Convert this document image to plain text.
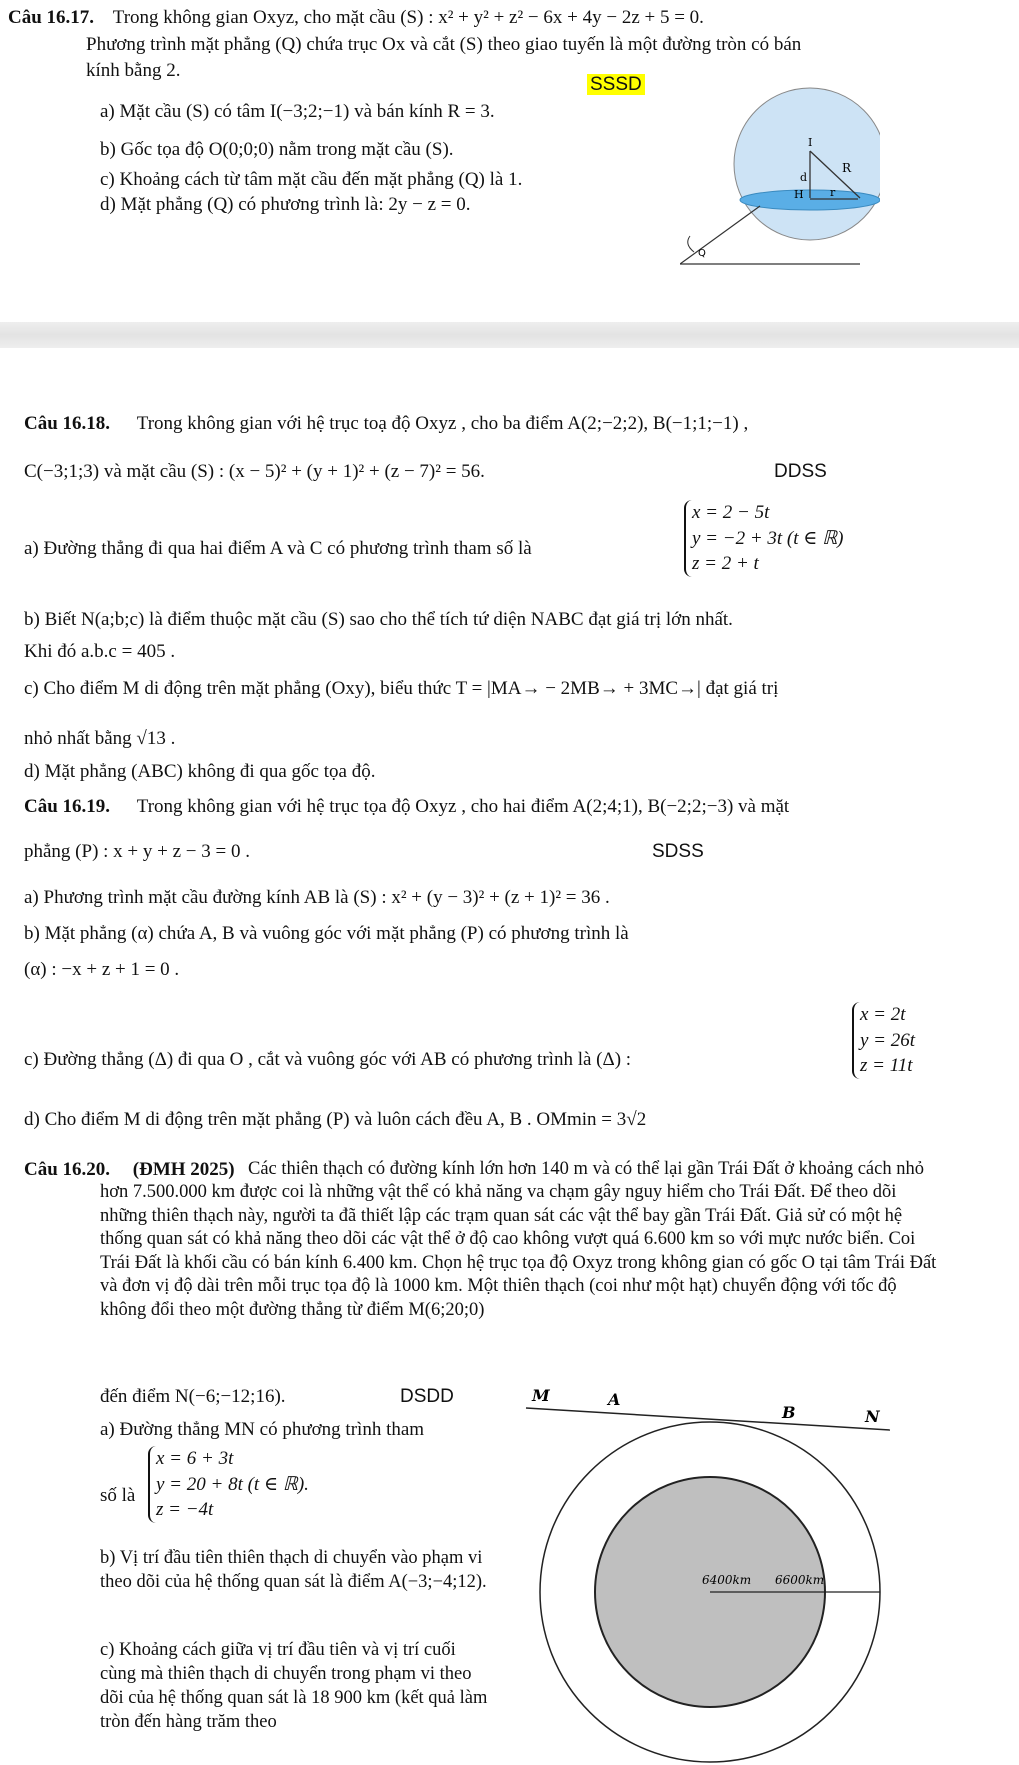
Câu 16.17. Trong không gian Oxyz, cho mặt cầu (S) : x² + y² + z² − 6x + 4y − 2z + 5 = 0.
Phương trình mặt phẳng (Q) chứa trục Ox và cắt (S) theo giao tuyến là một đường tròn có bán
kính bằng 2.
SSSD
a) Mặt cầu (S) có tâm I(−3;2;−1) và bán kính R = 3.
b) Gốc tọa độ O(0;0;0) nằm trong mặt cầu (S).
c) Khoảng cách từ tâm mặt cầu đến mặt phẳng (Q) là 1.
d) Mặt phẳng (Q) có phương trình là: 2y − z = 0.
I
R
d
H r
Q
Câu 16.18. Trong không gian với hệ trục toạ độ Oxyz , cho ba điểm A(2;−2;2), B(−1;1;−1) ,
C(−3;1;3) và mặt cầu (S) : (x − 5)² + (y + 1)² + (z − 7)² = 56.	DDSS
a) Đường thẳng đi qua hai điểm A và C có phương trình tham số là
x = 2 − 5t
y = −2 + 3t (t ∈ ℝ)
z = 2 + t
b) Biết N(a;b;c) là điểm thuộc mặt cầu (S) sao cho thể tích tứ diện NABC đạt giá trị lớn nhất.
Khi đó a.b.c = 405 .
c) Cho điểm M di động trên mặt phẳng (Oxy), biểu thức T = |MA→ − 2MB→ + 3MC→| đạt giá trị
nhỏ nhất bằng √13 .
d) Mặt phẳng (ABC) không đi qua gốc tọa độ.
Câu 16.19. Trong không gian với hệ trục tọa độ Oxyz , cho hai điểm A(2;4;1), B(−2;2;−3) và mặt
phẳng (P) : x + y + z − 3 = 0 .	SDSS
a) Phương trình mặt cầu đường kính AB là (S) : x² + (y − 3)² + (z + 1)² = 36 .
b) Mặt phẳng (α) chứa A, B và vuông góc với mặt phẳng (P) có phương trình là
(α) : −x + z + 1 = 0 .
c) Đường thẳng (Δ) đi qua O , cắt và vuông góc với AB có phương trình là (Δ) :
x = 2t
y = 26t
z = 11t
d) Cho điểm M di động trên mặt phẳng (P) và luôn cách đều A, B . OMmin = 3√2
Câu 16.20. (ĐMH 2025) Các thiên thạch có đường kính lớn hơn 140 m và có thể lại gần Trái Đất ở khoảng cách nhỏ hơn 7.500.000 km được coi là những vật thể có khả năng va chạm gây nguy hiểm cho Trái Đất. Để theo dõi những thiên thạch này, người ta đã thiết lập các trạm quan sát các vật thể bay gần Trái Đất. Giả sử có một hệ thống quan sát có khả năng theo dõi các vật thể ở độ cao không vượt quá 6.600 km so với mực nước biển. Coi Trái Đất là khối cầu có bán kính 6.400 km. Chọn hệ trục tọa độ Oxyz trong không gian có gốc O tại tâm Trái Đất và đơn vị độ dài trên mỗi trục tọa độ là 1000 km. Một thiên thạch (coi như một hạt) chuyển động với tốc độ không đổi theo một đường thẳng từ điểm M(6;20;0)
đến điểm N(−6;−12;16).	DSDD
a) Đường thẳng MN có phương trình tham
số là
x = 6 + 3t
y = 20 + 8t (t ∈ ℝ).
z = −4t
b) Vị trí đầu tiên thiên thạch di chuyển vào phạm vi theo dõi của hệ thống quan sát là điểm A(−3;−4;12).
c) Khoảng cách giữa vị trí đầu tiên và vị trí cuối cùng mà thiên thạch di chuyển trong phạm vi theo dõi của hệ thống quan sát là 18 900 km (kết quả làm tròn đến hàng trăm theo
M	A
B	N
6400km 6600km
